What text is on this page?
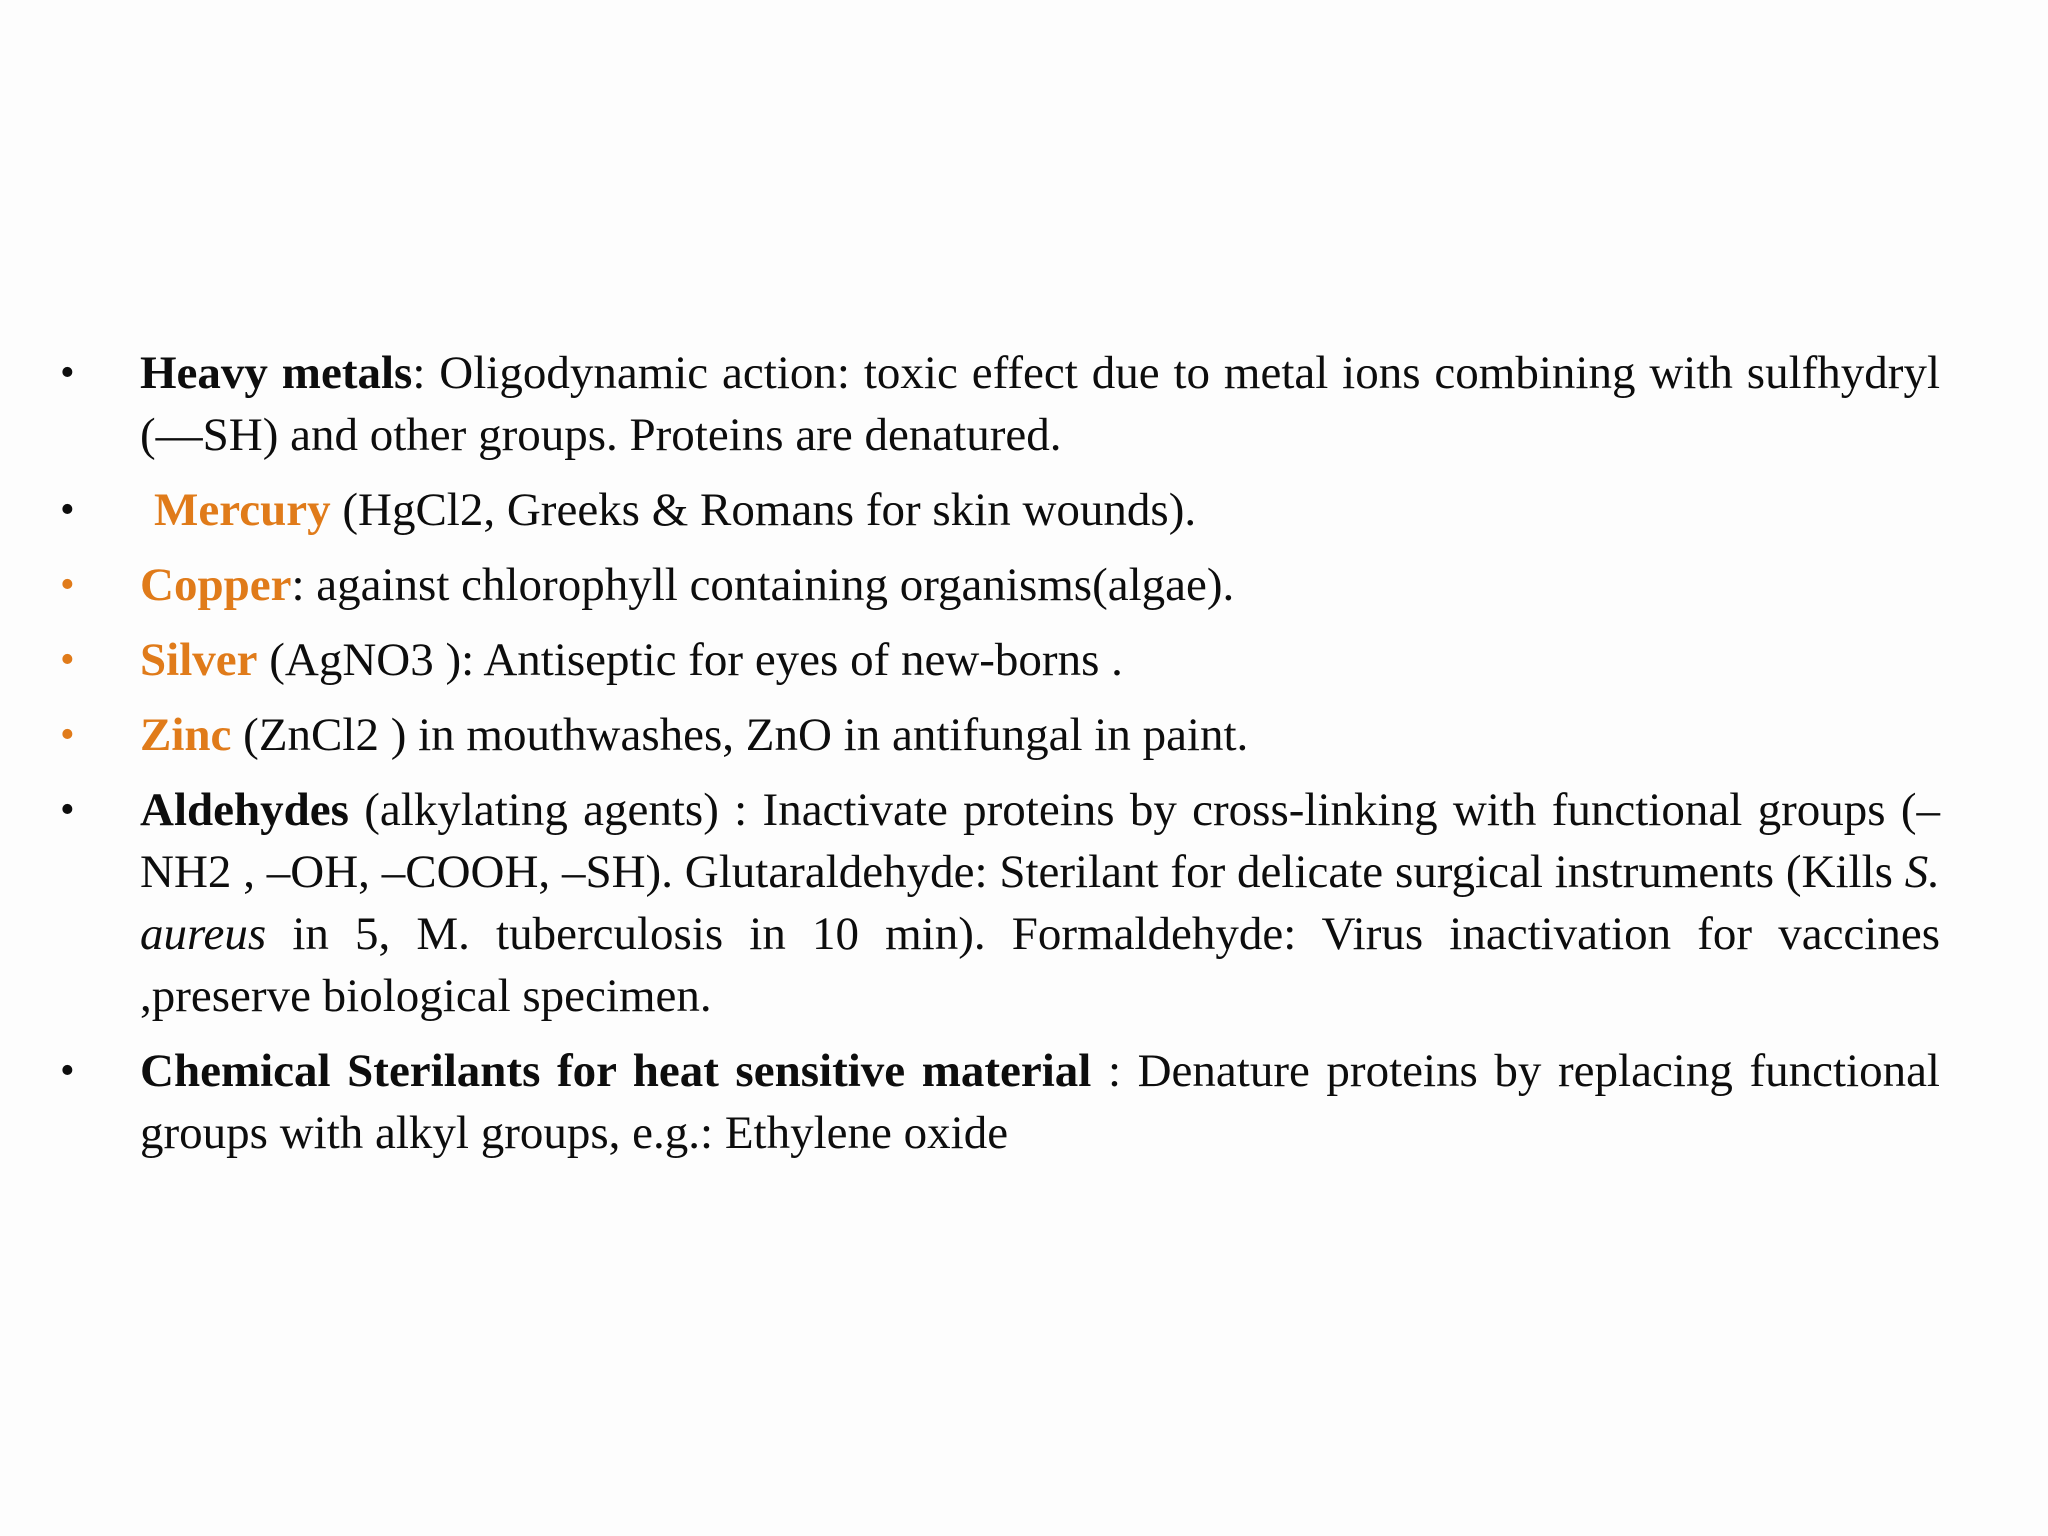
•	Heavy metals: Oligodynamic action: toxic effect due to metal ions combining with sulfhydryl (—SH) and other groups. Proteins are denatured.
•	Mercury (HgCl2, Greeks & Romans for skin wounds).
•	Copper: against chlorophyll containing organisms(algae).
•	Silver (AgNO3 ): Antiseptic for eyes of new-borns .
•	Zinc (ZnCl2 ) in mouthwashes, ZnO in antifungal in paint.
•	Aldehydes (alkylating agents) : Inactivate proteins by cross-linking with functional groups (–NH2 , –OH, –COOH, –SH). Glutaraldehyde: Sterilant for delicate surgical instruments (Kills S. aureus in 5, M. tuberculosis in 10 min). Formaldehyde: Virus inactivation for vaccines ,preserve biological specimen.
•	Chemical Sterilants for heat sensitive material : Denature proteins by replacing functional groups with alkyl groups, e.g.: Ethylene oxide
